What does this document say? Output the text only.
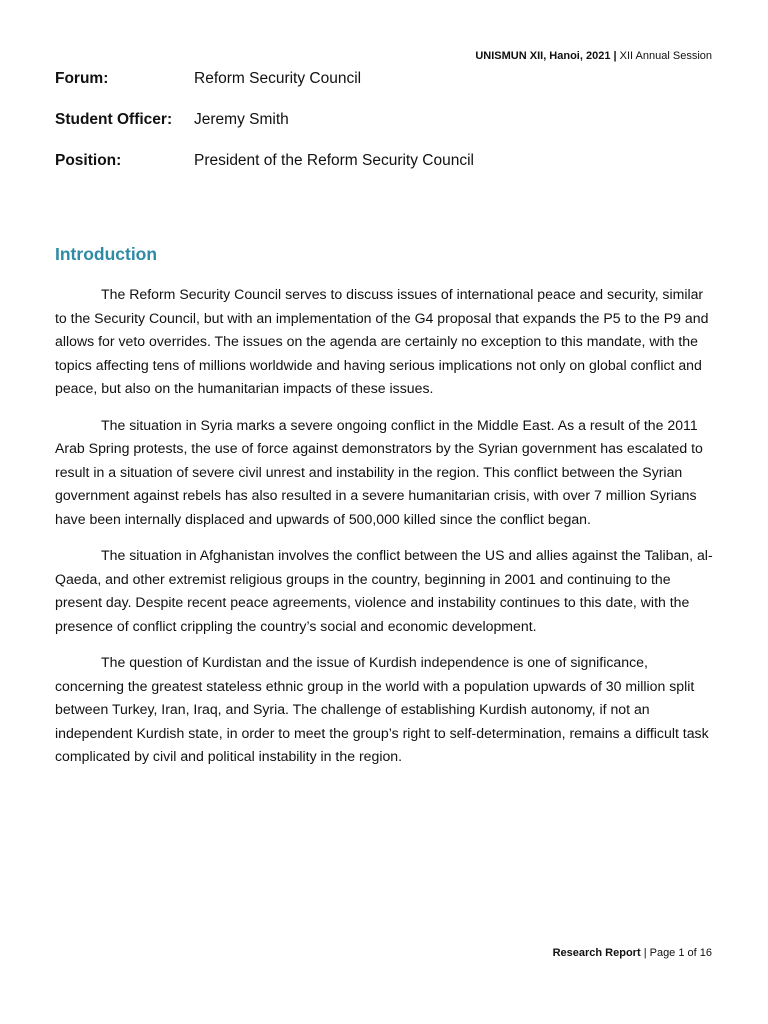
UNISMUN XII, Hanoi, 2021 | XII Annual Session
Forum:	Reform Security Council
Student Officer: Jeremy Smith
Position:	President of the Reform Security Council
Introduction

The Reform Security Council serves to discuss issues of international peace and security, similar to the Security Council, but with an implementation of the G4 proposal that expands the P5 to the P9 and allows for veto overrides. The issues on the agenda are certainly no exception to this mandate, with the topics affecting tens of millions worldwide and having serious implications not only on global conflict and peace, but also on the humanitarian impacts of these issues.

The situation in Syria marks a severe ongoing conflict in the Middle East. As a result of the 2011 Arab Spring protests, the use of force against demonstrators by the Syrian government has escalated to result in a situation of severe civil unrest and instability in the region. This conflict between the Syrian government against rebels has also resulted in a severe humanitarian crisis, with over 7 million Syrians have been internally displaced and upwards of 500,000 killed since the conflict began.

The situation in Afghanistan involves the conflict between the US and allies against the Taliban, al-Qaeda, and other extremist religious groups in the country, beginning in 2001 and continuing to the present day. Despite recent peace agreements, violence and instability continues to this date, with the presence of conflict crippling the country’s social and economic development.

The question of Kurdistan and the issue of Kurdish independence is one of significance, concerning the greatest stateless ethnic group in the world with a population upwards of 30 million split between Turkey, Iran, Iraq, and Syria. The challenge of establishing Kurdish autonomy, if not an independent Kurdish state, in order to meet the group’s right to self-determination, remains a difficult task complicated by civil and political instability in the region.

Research Report | Page 1 of 16
